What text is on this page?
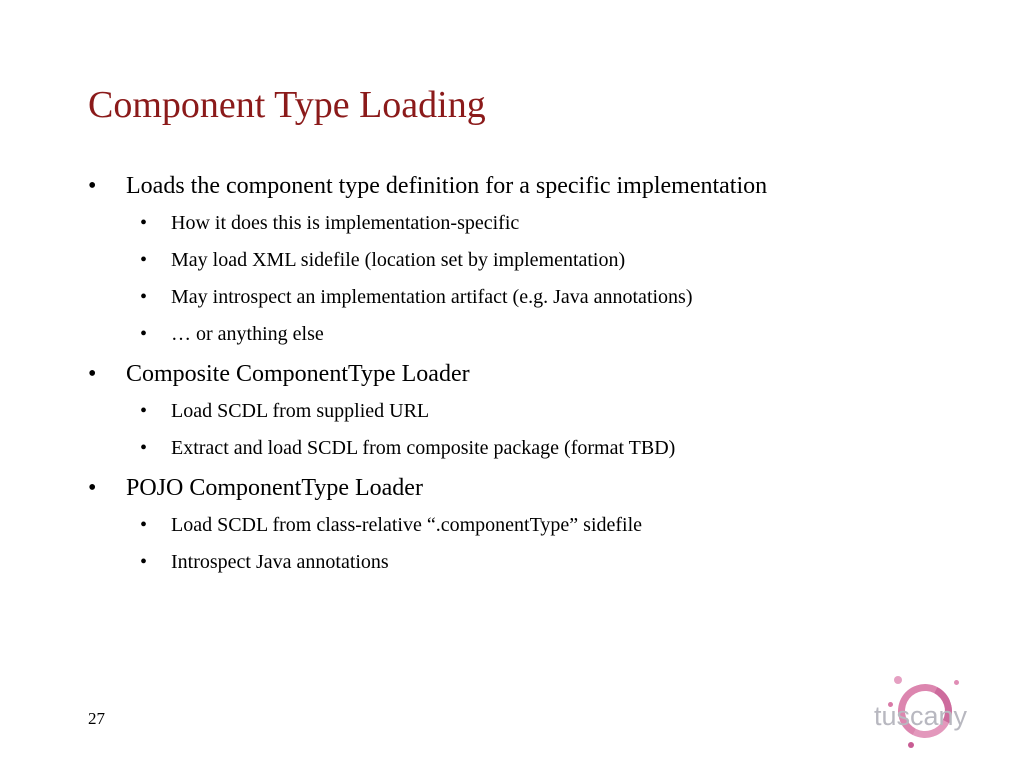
Component Type Loading
• Loads the component type definition for a specific implementation
• How it does this is implementation-specific
• May load XML sidefile (location set by implementation)
• May introspect an implementation artifact (e.g. Java annotations)
• … or anything else
• Composite ComponentType Loader
• Load SCDL from supplied URL
• Extract and load SCDL from composite package (format TBD)
• POJO ComponentType Loader
• Load SCDL from class-relative “.componentType” sidefile
• Introspect Java annotations
27	tuscany
